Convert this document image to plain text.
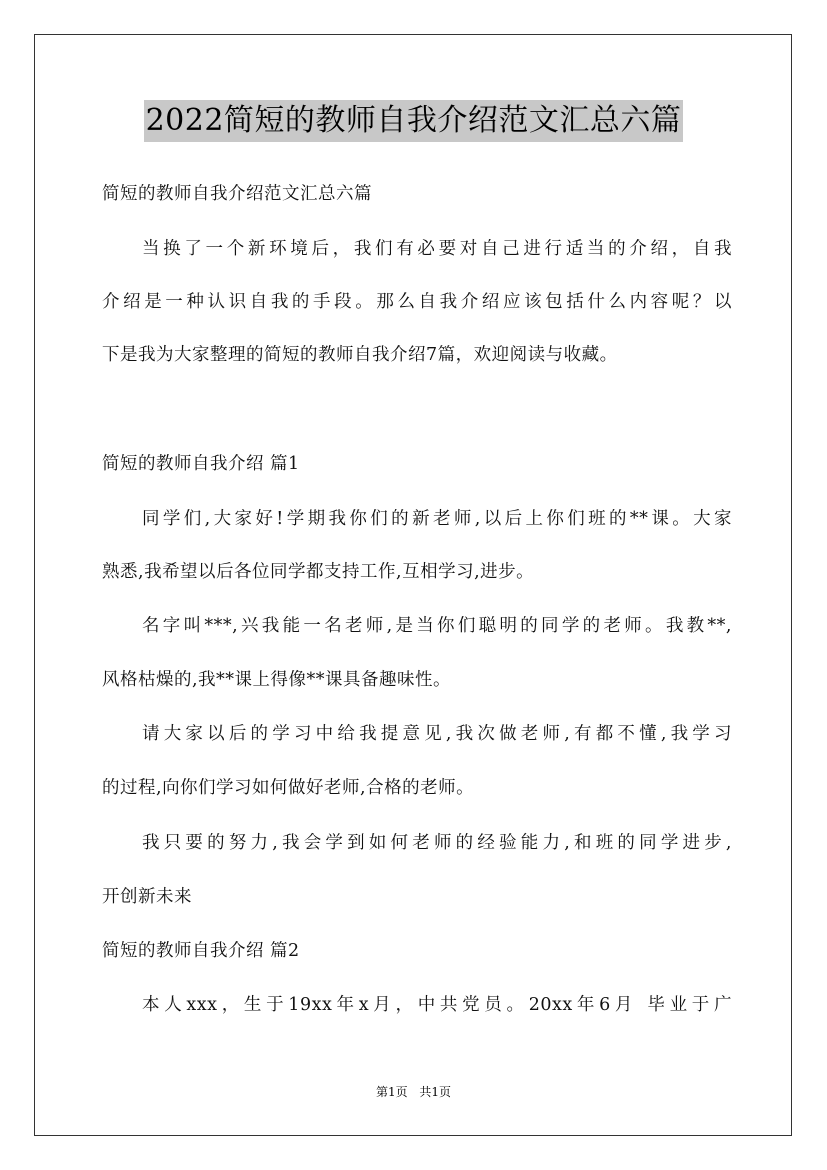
2022简短的教师自我介绍范文汇总六篇
简短的教师自我介绍范文汇总六篇
当换了一个新环境后，我们有必要对自己进行适当的介绍，自我
介绍是一种认识自我的手段。那么自我介绍应该包括什么内容呢？以
下是我为大家整理的简短的教师自我介绍7篇，欢迎阅读与收藏。
简短的教师自我介绍 篇1
同学们,大家好!学期我你们的新老师,以后上你们班的**课。大家
熟悉,我希望以后各位同学都支持工作,互相学习,进步。
名字叫***,兴我能一名老师,是当你们聪明的同学的老师。我教**,
风格枯燥的,我**课上得像**课具备趣味性。
请大家以后的学习中给我提意见,我次做老师,有都不懂,我学习
的过程,向你们学习如何做好老师,合格的老师。
我只要的努力,我会学到如何老师的经验能力,和班的同学进步,
开创新未来
简短的教师自我介绍 篇2
本人xxx，生于19xx年x月，中共党员。20xx年6月 毕业于广
第1页 共1页
